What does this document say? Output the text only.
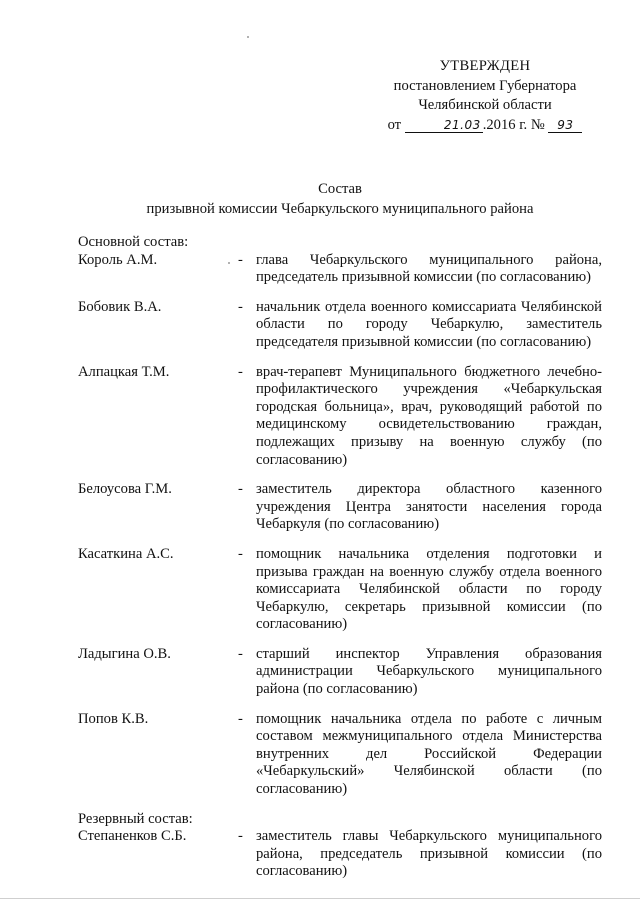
УТВЕРЖДЕН
постановлением Губернатора
Челябинской области
от	21.03 .2016 г. № 93
Состав
призывной комиссии Чебаркульского муниципального района
Основной состав:
Король А.М.	- глава Чебаркульского муниципального района, председатель призывной комиссии (по согласованию)
Бобовик В.А.	- начальник отдела военного комиссариата Челябинской области по городу Чебаркулю, заместитель председателя призывной комиссии (по согласованию)
Алпацкая Т.М.	- врач-терапевт Муниципального бюджетного лечебно-профилактического учреждения «Чебаркульская городская больница», врач, руководящий работой по медицинскому освидетельствованию граждан, подлежащих призыву на военную службу (по согласованию)
Белоусова Г.М.	- заместитель директора областного казенного учреждения Центра занятости населения города Чебаркуля (по согласованию)
Касаткина А.С.	- помощник начальника отделения подготовки и призыва граждан на военную службу отдела военного комиссариата Челябинской области по городу Чебаркулю, секретарь призывной комиссии (по согласованию)
Ладыгина О.В.	- старший инспектор Управления образования администрации Чебаркульского муниципального района (по согласованию)
Попов К.В.	- помощник начальника отдела по работе с личным составом межмуниципального отдела Министерства внутренних дел Российской Федерации «Чебаркульский» Челябинской области (по согласованию)
Резервный состав:
Степаненков С.Б.	- заместитель главы Чебаркульского муниципального района, председатель призывной комиссии (по согласованию)
